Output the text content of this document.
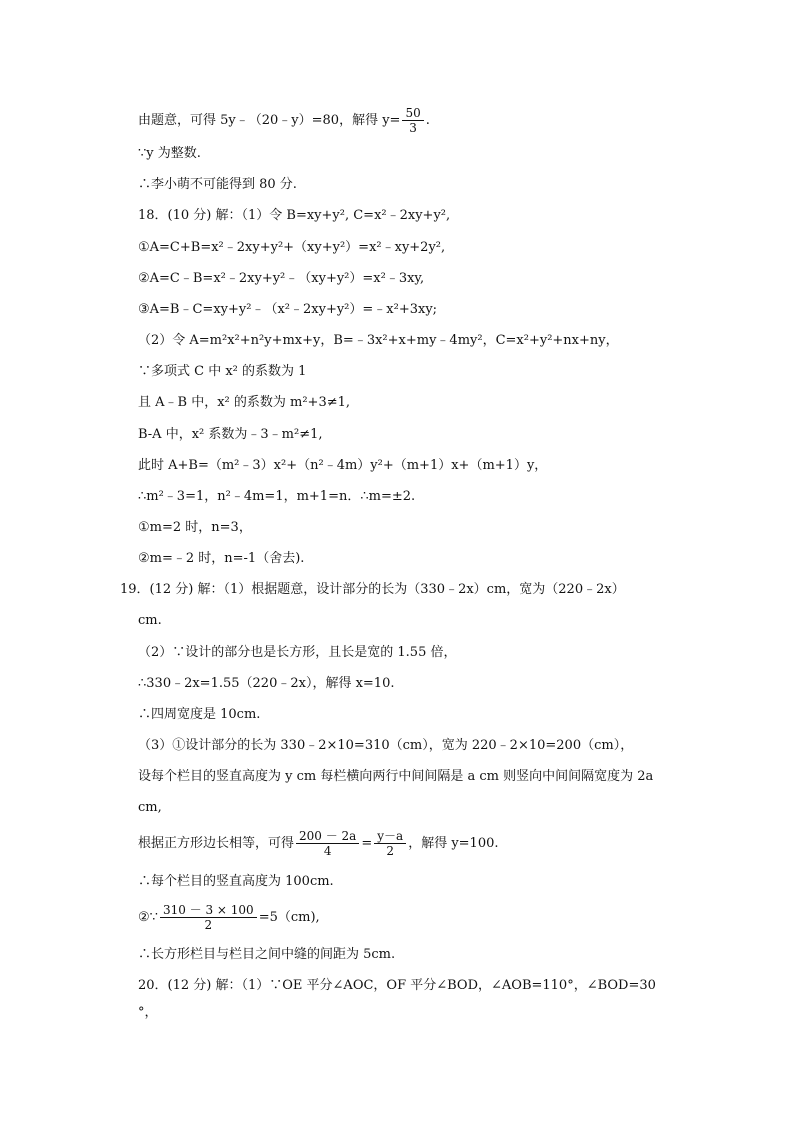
由题意，可得 5y﹣（20﹣y）=80，解得 $y= \frac{50}{3}$ .
∵y 为整数.
∴李小萌不可能得到 80 分.
18．(10 分) 解：（1）令 B=xy+y², C=x²﹣2xy+y²,
①A=C+B=x²﹣2xy+y²+（xy+y²）=x²﹣xy+2y²,
②A=C﹣B=x²﹣2xy+y²﹣（xy+y²）=x²﹣3xy,
③A=B﹣C=xy+y²﹣（x²﹣2xy+y²）=﹣x²+3xy;
（2）令 A=m²x²+n²y+mx+y，B=﹣3x²+x+my﹣4my²，C=x²+y²+nx+ny，
∵多项式 C 中 x² 的系数为 1
且 A﹣B 中，x² 的系数为 m²+3≠1,
B-A 中，x² 系数为﹣3﹣m²≠1,
此时 A+B=（m²﹣3）x²+（n²﹣4m）y²+（m+1）x+（m+1）y，
∴m²﹣3=1，n²﹣4m=1，m+1=n．∴m=±2.
①m=2 时，n=3，
②m=﹣2 时，n=-1（舍去).
19．(12 分) 解：（1）根据题意，设计部分的长为（330﹣2x）cm，宽为（220﹣2x）
cm.
（2）∵设计的部分也是长方形，且长是宽的 1.55 倍，
∴330﹣2x=1.55（220﹣2x），解得 x=10.
∴四周宽度是 10cm.
（3）①设计部分的长为 330﹣2×10=310（cm），宽为 220﹣2×10=200（cm），
设每个栏目的竖直高度为 y cm 每栏横向两行中间间隔是 a cm 则竖向中间间隔宽度为 2a
cm,
根据正方形边长相等，可得 $\frac{200 - 2a}{4} = \frac{y-a}{2}$ ，解得 y=100.
∴每个栏目的竖直高度为 100cm.
②∵ $\frac{310 - 3 \times 100}{2} =5(cm)$,
∴长方形栏目与栏目之间中缝的间距为 5cm.
20．(12 分) 解：（1）∵OE 平分∠AOC，OF 平分∠BOD，∠AOB=110°，∠BOD=30
°，
